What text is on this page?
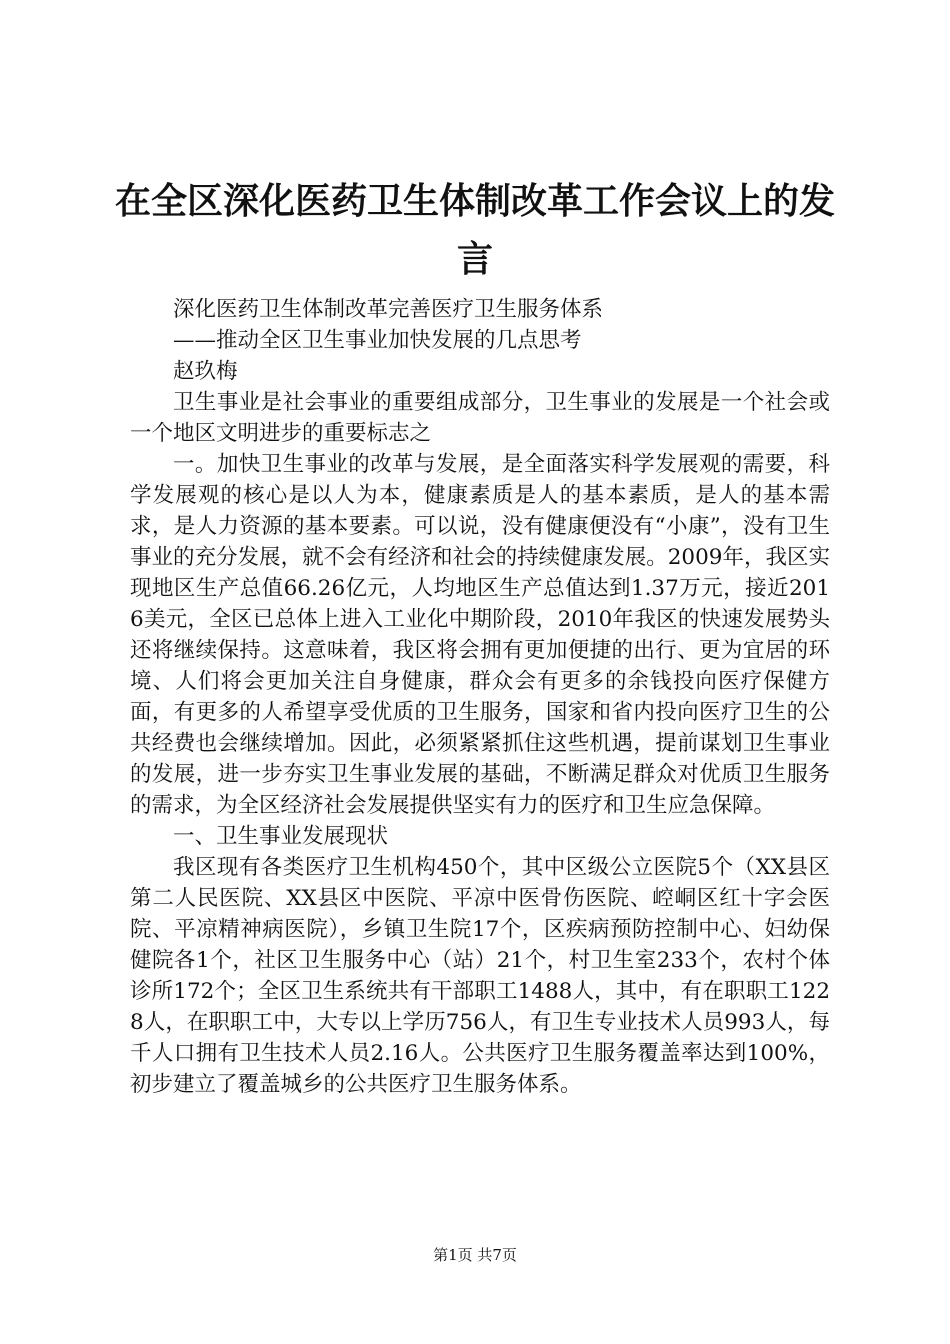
在全区深化医药卫生体制改革工作会议上的发言

深化医药卫生体制改革完善医疗卫生服务体系

——推动全区卫生事业加快发展的几点思考

赵玖梅

卫生事业是社会事业的重要组成部分，卫生事业的发展是一个社会或一个地区文明进步的重要标志之

一。加快卫生事业的改革与发展，是全面落实科学发展观的需要，科学发展观的核心是以人为本，健康素质是人的基本素质，是人的基本需求，是人力资源的基本要素。可以说，没有健康便没有“小康”，没有卫生事业的充分发展，就不会有经济和社会的持续健康发展。2009年，我区实现地区生产总值66.26亿元，人均地区生产总值达到1.37万元，接近2016美元，全区已总体上进入工业化中期阶段，2010年我区的快速发展势头还将继续保持。这意味着，我区将会拥有更加便捷的出行、更为宜居的环境、人们将会更加关注自身健康，群众会有更多的余钱投向医疗保健方面，有更多的人希望享受优质的卫生服务，国家和省内投向医疗卫生的公共经费也会继续增加。因此，必须紧紧抓住这些机遇，提前谋划卫生事业的发展，进一步夯实卫生事业发展的基础，不断满足群众对优质卫生服务的需求，为全区经济社会发展提供坚实有力的医疗和卫生应急保障。

一、卫生事业发展现状

我区现有各类医疗卫生机构450个，其中区级公立医院5个（XX县区第二人民医院、XX县区中医院、平凉中医骨伤医院、崆峒区红十字会医院、平凉精神病医院），乡镇卫生院17个，区疾病预防控制中心、妇幼保健院各1个，社区卫生服务中心（站）21个，村卫生室233个，农村个体诊所172个；全区卫生系统共有干部职工1488人，其中，有在职职工1228人，在职职工中，大专以上学历756人，有卫生专业技术人员993人，每千人口拥有卫生技术人员2.16人。公共医疗卫生服务覆盖率达到100%，初步建立了覆盖城乡的公共医疗卫生服务体系。

第1页 共7页
